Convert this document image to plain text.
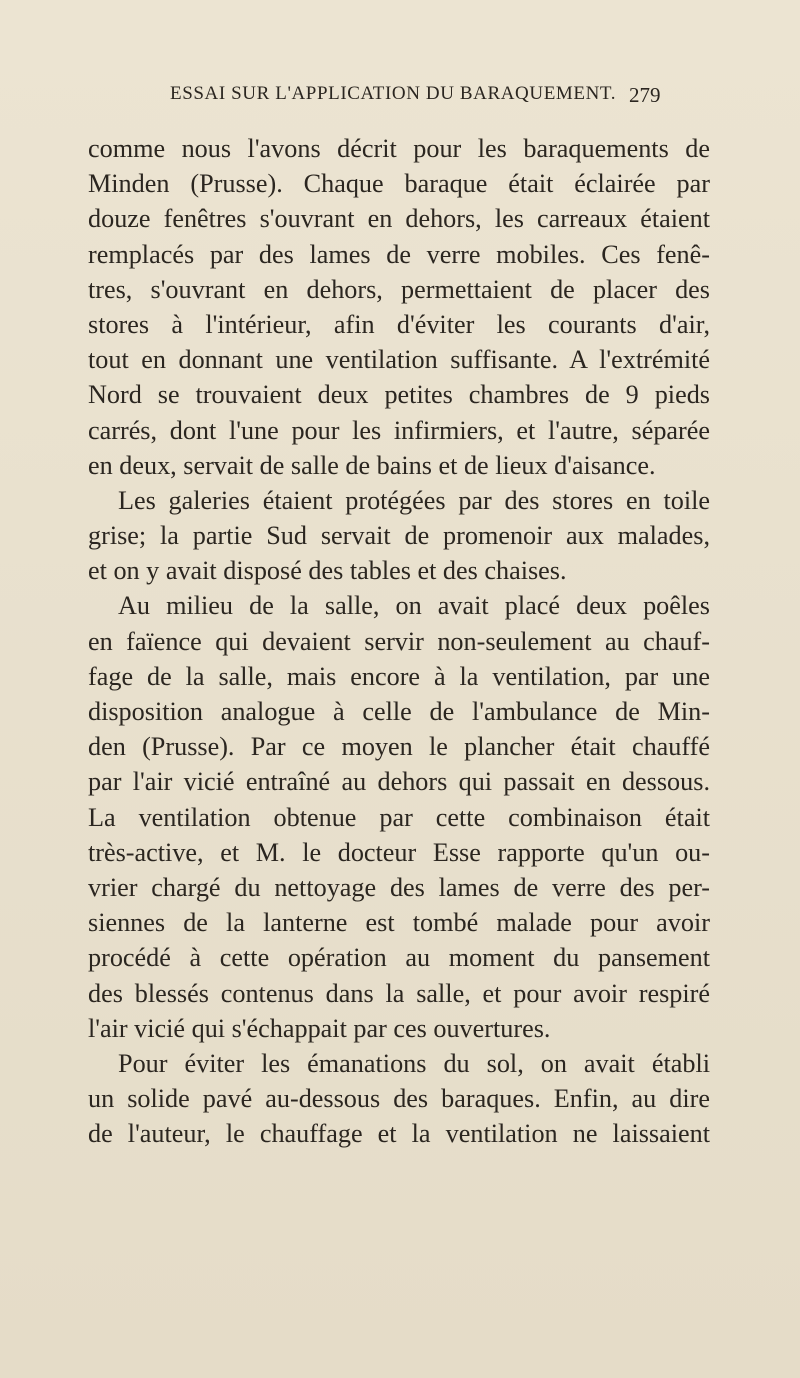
ESSAI SUR L'APPLICATION DU BARAQUEMENT. 279
comme nous l'avons décrit pour les baraquements de
Minden (Prusse). Chaque baraque était éclairée par
douze fenêtres s'ouvrant en dehors, les carreaux étaient
remplacés par des lames de verre mobiles. Ces fenê-
tres, s'ouvrant en dehors, permettaient de placer des
stores à l'intérieur, afin d'éviter les courants d'air,
tout en donnant une ventilation suffisante. A l'extrémité
Nord se trouvaient deux petites chambres de 9 pieds
carrés, dont l'une pour les infirmiers, et l'autre, séparée
en deux, servait de salle de bains et de lieux d'aisance.
Les galeries étaient protégées par des stores en toile
grise; la partie Sud servait de promenoir aux malades,
et on y avait disposé des tables et des chaises.
Au milieu de la salle, on avait placé deux poêles
en faïence qui devaient servir non-seulement au chauf-
fage de la salle, mais encore à la ventilation, par une
disposition analogue à celle de l'ambulance de Min-
den (Prusse). Par ce moyen le plancher était chauffé
par l'air vicié entraîné au dehors qui passait en dessous.
La ventilation obtenue par cette combinaison était
très-active, et M. le docteur Esse rapporte qu'un ou-
vrier chargé du nettoyage des lames de verre des per-
siennes de la lanterne est tombé malade pour avoir
procédé à cette opération au moment du pansement
des blessés contenus dans la salle, et pour avoir respiré
l'air vicié qui s'échappait par ces ouvertures.
Pour éviter les émanations du sol, on avait établi
un solide pavé au-dessous des baraques. Enfin, au dire
de l'auteur, le chauffage et la ventilation ne laissaient
